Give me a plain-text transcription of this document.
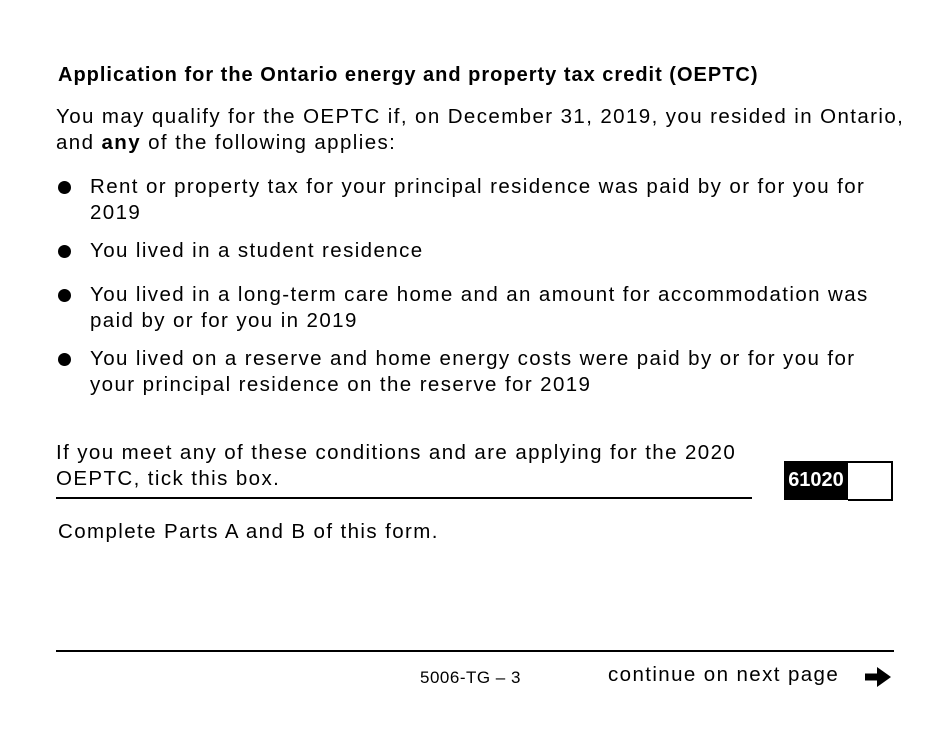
Application for the Ontario energy and property tax credit (OEPTC)
You may qualify for the OEPTC if, on December 31, 2019, you resided in Ontario, and any of the following applies:
Rent or property tax for your principal residence was paid by or for you for 2019
You lived in a student residence
You lived in a long-term care home and an amount for accommodation was paid by or for you in 2019
You lived on a reserve and home energy costs were paid by or for you for your principal residence on the reserve for 2019
If you meet any of these conditions and are applying for the 2020 OEPTC, tick this box.	61020
Complete Parts A and B of this form.
5006-TG – 3	continue on next page
